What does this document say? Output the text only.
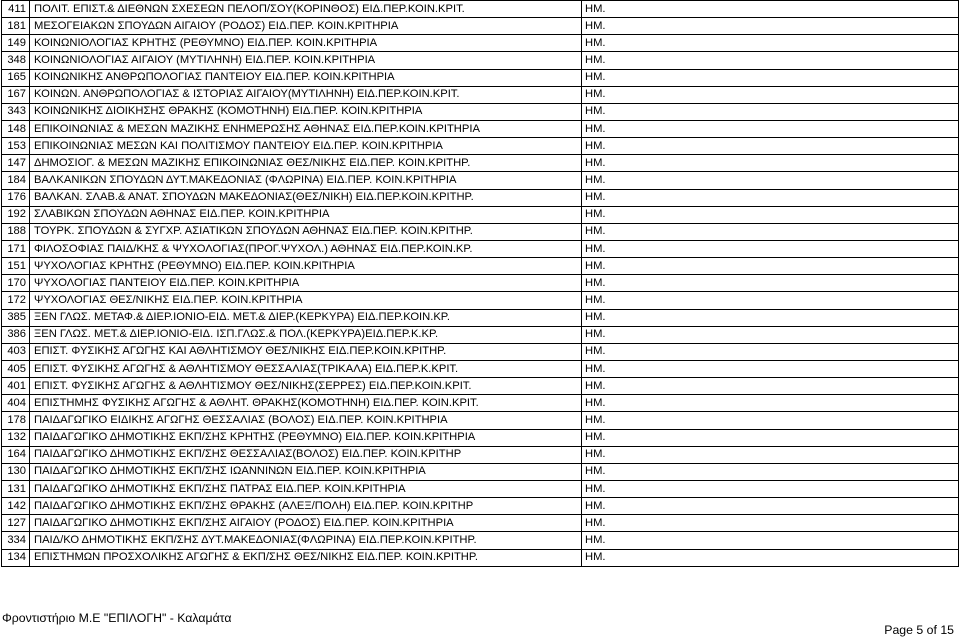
411	ΠΟΛΙΤ. ΕΠΙΣΤ.& ΔΙΕΘΝΩΝ ΣΧΕΣΕΩΝ ΠΕΛΟΠ/ΣΟΥ(ΚΟΡΙΝΘΟΣ) ΕΙΔ.ΠΕΡ.ΚΟΙΝ.ΚΡΙΤ.	ΗΜ.
181	ΜΕΣΟΓΕΙΑΚΩΝ ΣΠΟΥΔΩΝ ΑΙΓΑΙΟΥ (ΡΟΔΟΣ) ΕΙΔ.ΠΕΡ. ΚΟΙΝ.ΚΡΙΤΗΡΙΑ	ΗΜ.
149	ΚΟΙΝΩΝΙΟΛΟΓΙΑΣ ΚΡΗΤΗΣ (ΡΕΘΥΜΝΟ) ΕΙΔ.ΠΕΡ. ΚΟΙΝ.ΚΡΙΤΗΡΙΑ	ΗΜ.
348	ΚΟΙΝΩΝΙΟΛΟΓΙΑΣ ΑΙΓΑΙΟΥ (ΜΥΤΙΛΗΝΗ) ΕΙΔ.ΠΕΡ. ΚΟΙΝ.ΚΡΙΤΗΡΙΑ	ΗΜ.
165	ΚΟΙΝΩΝΙΚΗΣ ΑΝΘΡΩΠΟΛΟΓΙΑΣ ΠΑΝΤΕΙΟΥ ΕΙΔ.ΠΕΡ. ΚΟΙΝ.ΚΡΙΤΗΡΙΑ	ΗΜ.
167	ΚΟΙΝΩΝ. ΑΝΘΡΩΠΟΛΟΓΙΑΣ & ΙΣΤΟΡΙΑΣ ΑΙΓΑΙΟΥ(ΜΥΤΙΛΗΝΗ) ΕΙΔ.ΠΕΡ.ΚΟΙΝ.ΚΡΙΤ.	ΗΜ.
343	ΚΟΙΝΩΝΙΚΗΣ ΔΙΟΙΚΗΣΗΣ ΘΡΑΚΗΣ (ΚΟΜΟΤΗΝΗ) ΕΙΔ.ΠΕΡ. ΚΟΙΝ.ΚΡΙΤΗΡΙΑ	ΗΜ.
148	ΕΠΙΚΟΙΝΩΝΙΑΣ & ΜΕΣΩΝ ΜΑΖΙΚΗΣ ΕΝΗΜΕΡΩΣΗΣ ΑΘΗΝΑΣ ΕΙΔ.ΠΕΡ.ΚΟΙΝ.ΚΡΙΤΗΡΙΑ	ΗΜ.
153	ΕΠΙΚΟΙΝΩΝΙΑΣ ΜΕΣΩΝ ΚΑΙ ΠΟΛΙΤΙΣΜΟΥ ΠΑΝΤΕΙΟΥ ΕΙΔ.ΠΕΡ. ΚΟΙΝ.ΚΡΙΤΗΡΙΑ	ΗΜ.
147	ΔΗΜΟΣΙΟΓ. & ΜΕΣΩΝ ΜΑΖΙΚΗΣ ΕΠΙΚΟΙΝΩΝΙΑΣ ΘΕΣ/ΝΙΚΗΣ ΕΙΔ.ΠΕΡ. ΚΟΙΝ.ΚΡΙΤΗΡ.	ΗΜ.
184	ΒΑΛΚΑΝΙΚΩΝ ΣΠΟΥΔΩΝ ΔΥΤ.ΜΑΚΕΔΟΝΙΑΣ (ΦΛΩΡΙΝΑ) ΕΙΔ.ΠΕΡ. ΚΟΙΝ.ΚΡΙΤΗΡΙΑ	ΗΜ.
176	ΒΑΛΚΑΝ. ΣΛΑΒ.& ΑΝΑΤ. ΣΠΟΥΔΩΝ ΜΑΚΕΔΟΝΙΑΣ(ΘΕΣ/ΝΙΚΗ) ΕΙΔ.ΠΕΡ.ΚΟΙΝ.ΚΡΙΤΗΡ.	ΗΜ.
192	ΣΛΑΒΙΚΩΝ ΣΠΟΥΔΩΝ ΑΘΗΝΑΣ ΕΙΔ.ΠΕΡ. ΚΟΙΝ.ΚΡΙΤΗΡΙΑ	ΗΜ.
188	ΤΟΥΡΚ. ΣΠΟΥΔΩΝ & ΣΥΓΧΡ. ΑΣΙΑΤΙΚΩΝ ΣΠΟΥΔΩΝ ΑΘΗΝΑΣ ΕΙΔ.ΠΕΡ. ΚΟΙΝ.ΚΡΙΤΗΡ.	ΗΜ.
171	ΦΙΛΟΣΟΦΙΑΣ ΠΑΙΔ/ΚΗΣ & ΨΥΧΟΛΟΓΙΑΣ(ΠΡΟΓ.ΨΥΧΟΛ.) ΑΘΗΝΑΣ ΕΙΔ.ΠΕΡ.ΚΟΙΝ.ΚΡ.	ΗΜ.
151	ΨΥΧΟΛΟΓΙΑΣ ΚΡΗΤΗΣ (ΡΕΘΥΜΝΟ) ΕΙΔ.ΠΕΡ. ΚΟΙΝ.ΚΡΙΤΗΡΙΑ	ΗΜ.
170	ΨΥΧΟΛΟΓΙΑΣ ΠΑΝΤΕΙΟΥ ΕΙΔ.ΠΕΡ. ΚΟΙΝ.ΚΡΙΤΗΡΙΑ	ΗΜ.
172	ΨΥΧΟΛΟΓΙΑΣ ΘΕΣ/ΝΙΚΗΣ ΕΙΔ.ΠΕΡ. ΚΟΙΝ.ΚΡΙΤΗΡΙΑ	ΗΜ.
385	ΞΕΝ ΓΛΩΣ. ΜΕΤΑΦ.& ΔΙΕΡ.ΙΟΝΙΟ-ΕΙΔ. ΜΕΤ.& ΔΙΕΡ.(ΚΕΡΚΥΡΑ) ΕΙΔ.ΠΕΡ.ΚΟΙΝ.ΚΡ.	ΗΜ.
386	ΞΕΝ ΓΛΩΣ. ΜΕΤ.& ΔΙΕΡ.ΙΟΝΙΟ-ΕΙΔ. ΙΣΠ.ΓΛΩΣ.& ΠΟΛ.(ΚΕΡΚΥΡΑ)ΕΙΔ.ΠΕΡ.Κ.ΚΡ.	ΗΜ.
403	ΕΠΙΣΤ. ΦΥΣΙΚΗΣ ΑΓΩΓΗΣ ΚΑΙ ΑΘΛΗΤΙΣΜΟΥ ΘΕΣ/ΝΙΚΗΣ ΕΙΔ.ΠΕΡ.ΚΟΙΝ.ΚΡΙΤΗΡ.	ΗΜ.
405	ΕΠΙΣΤ. ΦΥΣΙΚΗΣ ΑΓΩΓΗΣ & ΑΘΛΗΤΙΣΜΟΥ ΘΕΣΣΑΛΙΑΣ(ΤΡΙΚΑΛΑ) ΕΙΔ.ΠΕΡ.Κ.ΚΡΙΤ.	ΗΜ.
401	ΕΠΙΣΤ. ΦΥΣΙΚΗΣ ΑΓΩΓΗΣ & ΑΘΛΗΤΙΣΜΟΥ ΘΕΣ/ΝΙΚΗΣ(ΣΕΡΡΕΣ) ΕΙΔ.ΠΕΡ.ΚΟΙΝ.ΚΡΙΤ.	ΗΜ.
404	ΕΠΙΣΤΗΜΗΣ ΦΥΣΙΚΗΣ ΑΓΩΓΗΣ & ΑΘΛΗΤ. ΘΡΑΚΗΣ(ΚΟΜΟΤΗΝΗ) ΕΙΔ.ΠΕΡ. ΚΟΙΝ.ΚΡΙΤ.	ΗΜ.
178	ΠΑΙΔΑΓΩΓΙΚΟ ΕΙΔΙΚΗΣ ΑΓΩΓΗΣ ΘΕΣΣΑΛΙΑΣ (ΒΟΛΟΣ) ΕΙΔ.ΠΕΡ. ΚΟΙΝ.ΚΡΙΤΗΡΙΑ	ΗΜ.
132	ΠΑΙΔΑΓΩΓΙΚΟ ΔΗΜΟΤΙΚΗΣ ΕΚΠ/ΣΗΣ ΚΡΗΤΗΣ (ΡΕΘΥΜΝΟ) ΕΙΔ.ΠΕΡ. ΚΟΙΝ.ΚΡΙΤΗΡΙΑ	ΗΜ.
164	ΠΑΙΔΑΓΩΓΙΚΟ ΔΗΜΟΤΙΚΗΣ ΕΚΠ/ΣΗΣ ΘΕΣΣΑΛΙΑΣ(ΒΟΛΟΣ) ΕΙΔ.ΠΕΡ. ΚΟΙΝ.ΚΡΙΤΗΡ	ΗΜ.
130	ΠΑΙΔΑΓΩΓΙΚΟ ΔΗΜΟΤΙΚΗΣ ΕΚΠ/ΣΗΣ ΙΩΑΝΝΙΝΩΝ ΕΙΔ.ΠΕΡ. ΚΟΙΝ.ΚΡΙΤΗΡΙΑ	ΗΜ.
131	ΠΑΙΔΑΓΩΓΙΚΟ ΔΗΜΟΤΙΚΗΣ ΕΚΠ/ΣΗΣ ΠΑΤΡΑΣ ΕΙΔ.ΠΕΡ. ΚΟΙΝ.ΚΡΙΤΗΡΙΑ	ΗΜ.
142	ΠΑΙΔΑΓΩΓΙΚΟ ΔΗΜΟΤΙΚΗΣ ΕΚΠ/ΣΗΣ ΘΡΑΚΗΣ (ΑΛΕΞ/ΠΟΛΗ) ΕΙΔ.ΠΕΡ. ΚΟΙΝ.ΚΡΙΤΗΡ	ΗΜ.
127	ΠΑΙΔΑΓΩΓΙΚΟ ΔΗΜΟΤΙΚΗΣ ΕΚΠ/ΣΗΣ ΑΙΓΑΙΟΥ (ΡΟΔΟΣ) ΕΙΔ.ΠΕΡ. ΚΟΙΝ.ΚΡΙΤΗΡΙΑ	ΗΜ.
334	ΠΑΙΔ/ΚΟ ΔΗΜΟΤΙΚΗΣ ΕΚΠ/ΣΗΣ ΔΥΤ.ΜΑΚΕΔΟΝΙΑΣ(ΦΛΩΡΙΝΑ) ΕΙΔ.ΠΕΡ.ΚΟΙΝ.ΚΡΙΤΗΡ.	ΗΜ.
134	ΕΠΙΣΤΗΜΩΝ ΠΡΟΣΧΟΛΙΚΗΣ ΑΓΩΓΗΣ & ΕΚΠ/ΣΗΣ ΘΕΣ/ΝΙΚΗΣ ΕΙΔ.ΠΕΡ. ΚΟΙΝ.ΚΡΙΤΗΡ.	ΗΜ.
Φροντιστήριο Μ.Ε "ΕΠΙΛΟΓΗ" - Καλαμάτα
Page 5 of 15
